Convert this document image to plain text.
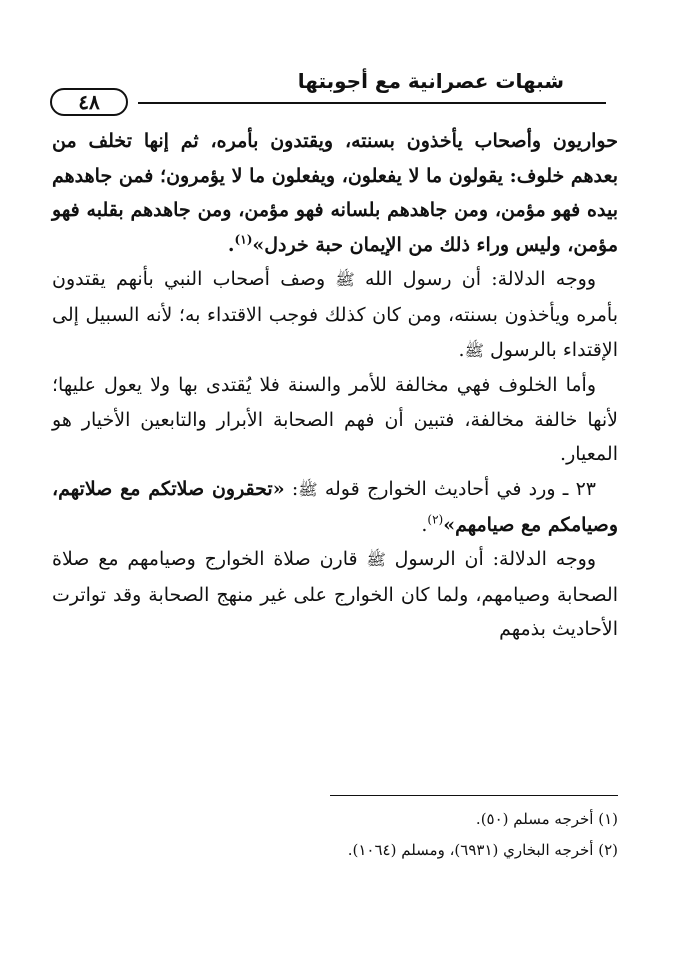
شبهات عصرانية مع أجوبتها
٤٨

حواريون وأصحاب يأخذون بسنته، ويقتدون بأمره، ثم إنها تخلف من بعدهم خلوف: يقولون ما لا يفعلون، ويفعلون ما لا يؤمرون؛ فمن جاهدهم بيده فهو مؤمن، ومن جاهدهم بلسانه فهو مؤمن، ومن جاهدهم بقلبه فهو مؤمن، وليس وراء ذلك من الإيمان حبة خردل»$^{(١)}$.

ووجه الدلالة: أن رسول الله ﷺ وصف أصحاب النبي بأنهم يقتدون بأمره ويأخذون بسنته، ومن كان كذلك فوجب الاقتداء به؛ لأنه السبيل إلى الإقتداء بالرسول ﷺ.

وأما الخلوف فهي مخالفة للأمر والسنة فلا يُقتدى بها ولا يعول عليها؛ لأنها خالفة مخالفة، فتبين أن فهم الصحابة الأبرار والتابعين الأخيار هو المعيار.

٢٣ ـ ورد في أحاديث الخوارج قوله ﷺ: «تحقرون صلاتكم مع صلاتهم، وصيامكم مع صيامهم»$^{(٢)}$.

ووجه الدلالة: أن الرسول ﷺ قارن صلاة الخوارج وصيامهم مع صلاة الصحابة وصيامهم، ولما كان الخوارج على غير منهج الصحابة وقد تواترت الأحاديث بذمهم

(١) أخرجه مسلم (٥٠).

(٢) أخرجه البخاري (٦٩٣١)، ومسلم (١٠٦٤).
